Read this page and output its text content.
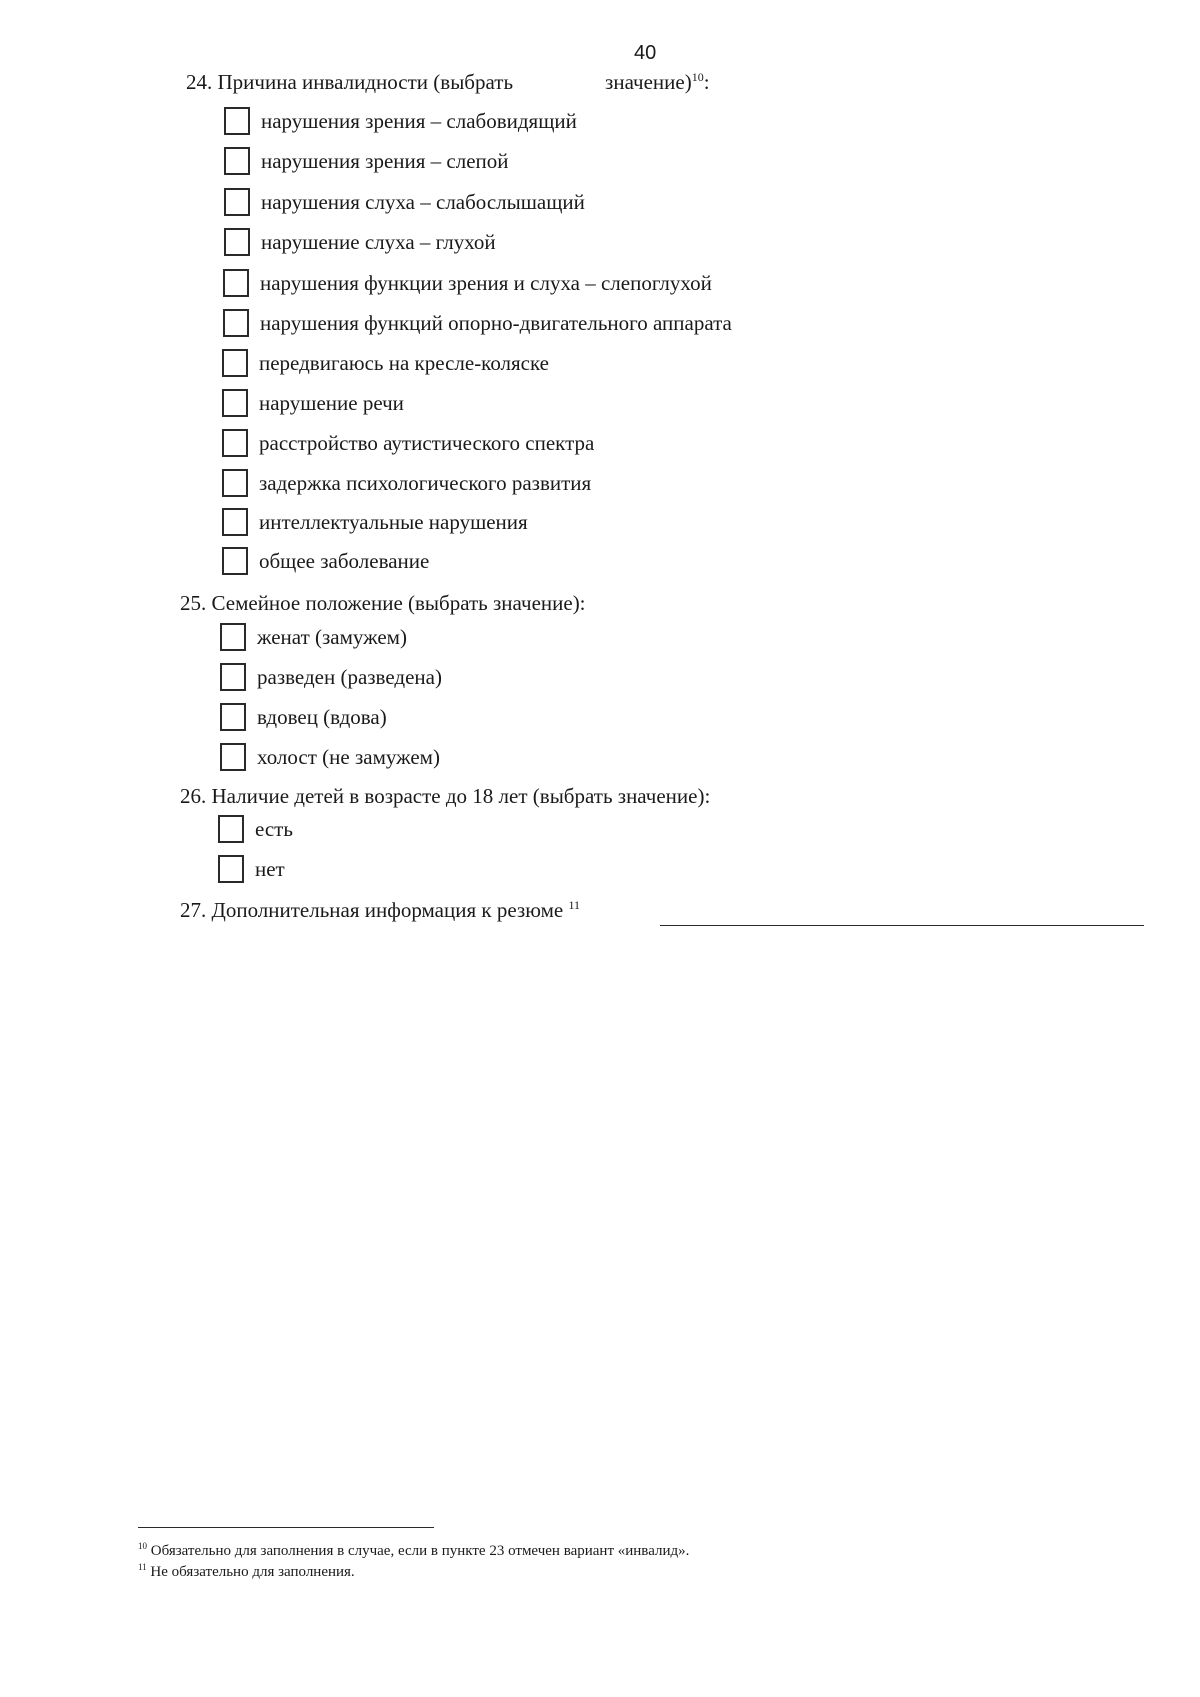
40
24. Причина инвалидности (выбрать	значение)$^{10}$:
нарушения зрения – слабовидящий
нарушения зрения – слепой
нарушения слуха – слабослышащий
нарушение слуха – глухой
нарушения функции зрения и слуха – слепоглухой
нарушения функций опорно-двигательного аппарата
передвигаюсь на кресле-коляске
нарушение речи
расстройство аутистического спектра
задержка психологического развития
интеллектуальные нарушения
общее заболевание
25. Семейное положение (выбрать значение):
женат (замужем)
разведен (разведена)
вдовец (вдова)
холост (не замужем)
26. Наличие детей в возрасте до 18 лет (выбрать значение):
есть
нет
27. Дополнительная информация к резюме $^{11}$
$^{10}$ Обязательно для заполнения в случае, если в пункте 23 отмечен вариант «инвалид».
$^{11}$ Не обязательно для заполнения.
